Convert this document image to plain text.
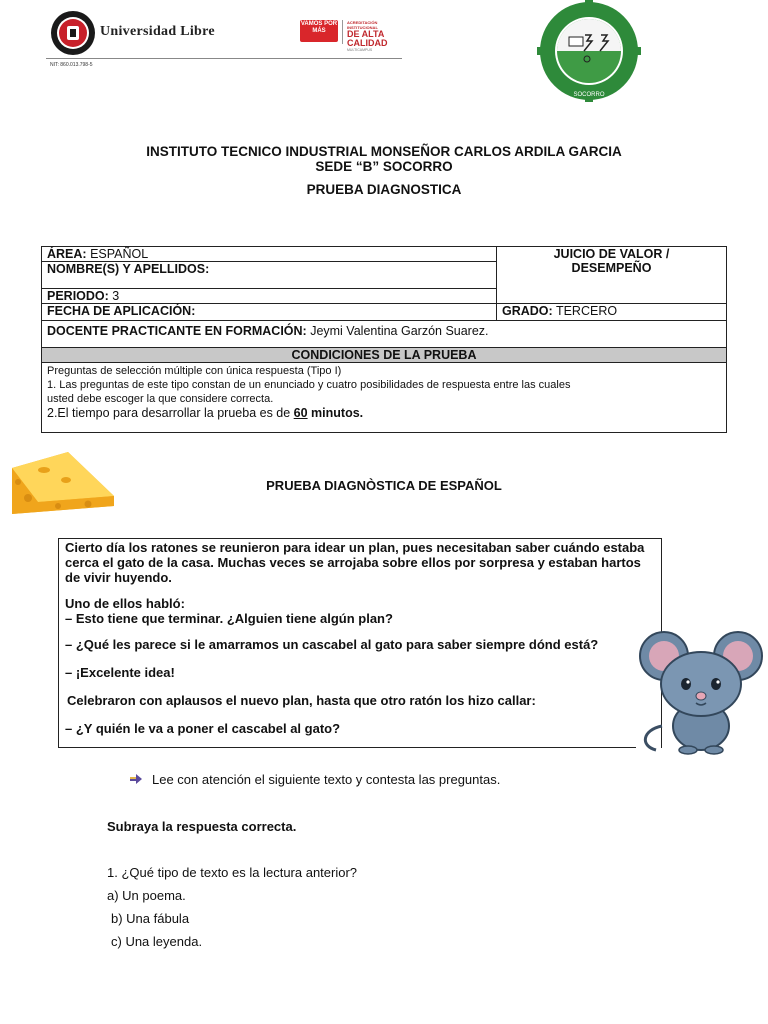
Universidad Libre
NIT: 860.013.798-5
VAMOS POR MÁS
ACREDITACIÓN INSTITUCIONAL
DE ALTA CALIDAD
MULTICAMPUS
SOCORRO
INSTITUTO TECNICO INDUSTRIAL MONSEÑOR CARLOS ARDILA GARCIA
SEDE “B” SOCORRO
PRUEBA DIAGNOSTICA
ÁREA: ESPAÑOL	JUICIO DE VALOR / DESEMPEÑO

NOMBRE(S) Y APELLIDOS:	
PERIODO: 3	
FECHA DE APLICACIÓN:	GRADO: TERCERO
DOCENTE PRACTICANTE EN FORMACIÓN: Jeymi Valentina Garzón Suarez.	
CONDICIONES DE LA PRUEBA	

Preguntas de selección múltiple con única respuesta (Tipo I)
1. Las preguntas de este tipo constan de un enunciado y cuatro posibilidades de respuesta entre las cuales
usted debe escoger la que considere correcta.
2.El tiempo para desarrollar la prueba es de 60 minutos.	
PRUEBA DIAGNÒSTICA DE ESPAÑOL

Cierto día los ratones se reunieron para idear un plan, pues necesitaban saber cuándo estaba cerca el gato de la casa. Muchas veces se arrojaba sobre ellos por sorpresa y estaban hartos de vivir huyendo.

Uno de ellos habló:

– Esto tiene que terminar. ¿Alguien tiene algún plan?

– ¿Qué les parece si le amarramos un cascabel al gato para saber siempre dónd está?

– ¡Excelente idea!

Celebraron con aplausos el nuevo plan, hasta que otro ratón los hizo callar:

– ¿Y quién le va a poner el cascabel al gato?

Lee con atención el siguiente texto y contesta las preguntas.
Subraya la respuesta correcta.
1. ¿Qué tipo de texto es la lectura anterior?
a) Un poema.
b) Una fábula
c) Una leyenda.
